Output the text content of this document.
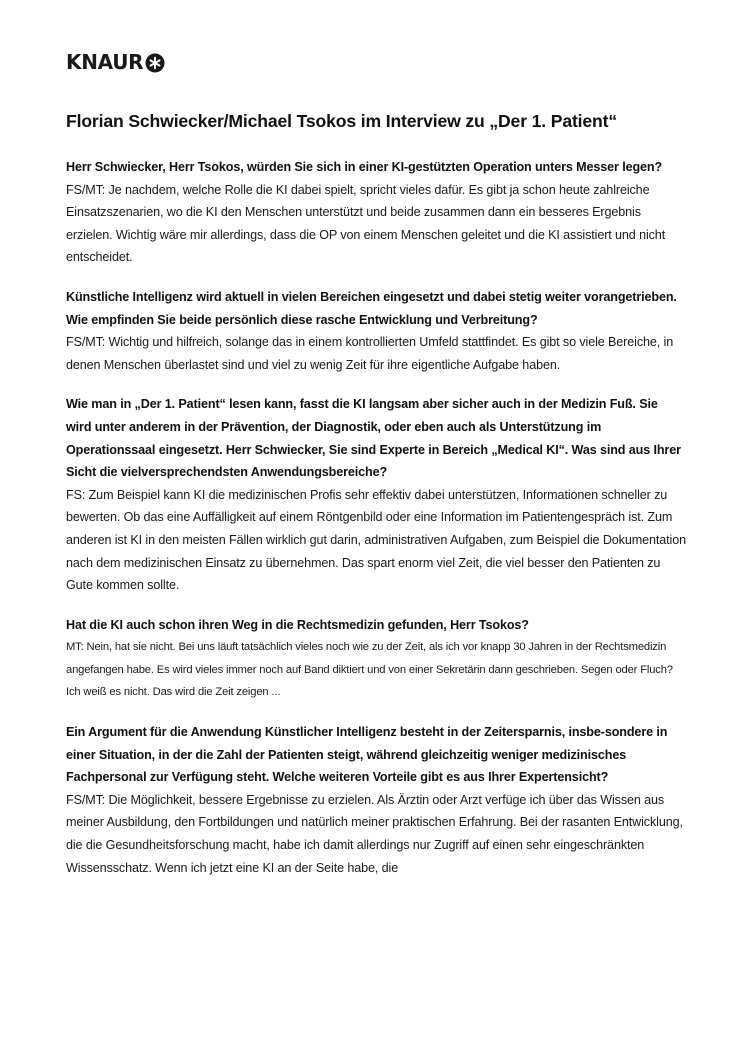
KNAUR
Florian Schwiecker/Michael Tsokos im Interview zu „Der 1. Patient“

Herr Schwiecker, Herr Tsokos, würden Sie sich in einer KI-gestützten Operation unters Messer legen?

FS/MT: Je nachdem, welche Rolle die KI dabei spielt, spricht vieles dafür. Es gibt ja schon heute zahlreiche Einsatzszenarien, wo die KI den Menschen unterstützt und beide zusammen dann ein besseres Ergebnis erzielen. Wichtig wäre mir allerdings, dass die OP von einem Menschen geleitet und die KI assistiert und nicht entscheidet.

Künstliche Intelligenz wird aktuell in vielen Bereichen eingesetzt und dabei stetig weiter vorangetrieben. Wie empfinden Sie beide persönlich diese rasche Entwicklung und Verbreitung?

FS/MT: Wichtig und hilfreich, solange das in einem kontrollierten Umfeld stattfindet. Es gibt so viele Bereiche, in denen Menschen überlastet sind und viel zu wenig Zeit für ihre eigentliche Aufgabe haben.

Wie man in „Der 1. Patient“ lesen kann, fasst die KI langsam aber sicher auch in der Medizin Fuß. Sie wird unter anderem in der Prävention, der Diagnostik, oder eben auch als Unterstützung im Operationssaal eingesetzt. Herr Schwiecker, Sie sind Experte in Bereich „Medical KI“. Was sind aus Ihrer Sicht die vielversprechendsten Anwendungsbereiche?

FS: Zum Beispiel kann KI die medizinischen Profis sehr effektiv dabei unterstützen, Informationen schneller zu bewerten. Ob das eine Auffälligkeit auf einem Röntgenbild oder eine Information im Patientengespräch ist. Zum anderen ist KI in den meisten Fällen wirklich gut darin, administrativen Aufgaben, zum Beispiel die Dokumentation nach dem medizinischen Einsatz zu übernehmen. Das spart enorm viel Zeit, die viel besser den Patienten zu Gute kommen sollte.

Hat die KI auch schon ihren Weg in die Rechtsmedizin gefunden, Herr Tsokos?

MT: Nein, hat sie nicht. Bei uns läuft tatsächlich vieles noch wie zu der Zeit, als ich vor knapp 30 Jahren in der Rechtsmedizin angefangen habe. Es wird vieles immer noch auf Band diktiert und von einer Sekretärin dann geschrieben. Segen oder Fluch? Ich weiß es nicht. Das wird die Zeit zeigen ...

Ein Argument für die Anwendung Künstlicher Intelligenz besteht in der Zeitersparnis, insbe-sondere in einer Situation, in der die Zahl der Patienten steigt, während gleichzeitig weniger medizinisches Fachpersonal zur Verfügung steht. Welche weiteren Vorteile gibt es aus Ihrer Expertensicht?

FS/MT: Die Möglichkeit, bessere Ergebnisse zu erzielen. Als Ärztin oder Arzt verfüge ich über das Wissen aus meiner Ausbildung, den Fortbildungen und natürlich meiner praktischen Erfahrung. Bei der rasanten Entwicklung, die die Gesundheitsforschung macht, habe ich damit allerdings nur Zugriff auf einen sehr eingeschränkten Wissensschatz. Wenn ich jetzt eine KI an der Seite habe, die
